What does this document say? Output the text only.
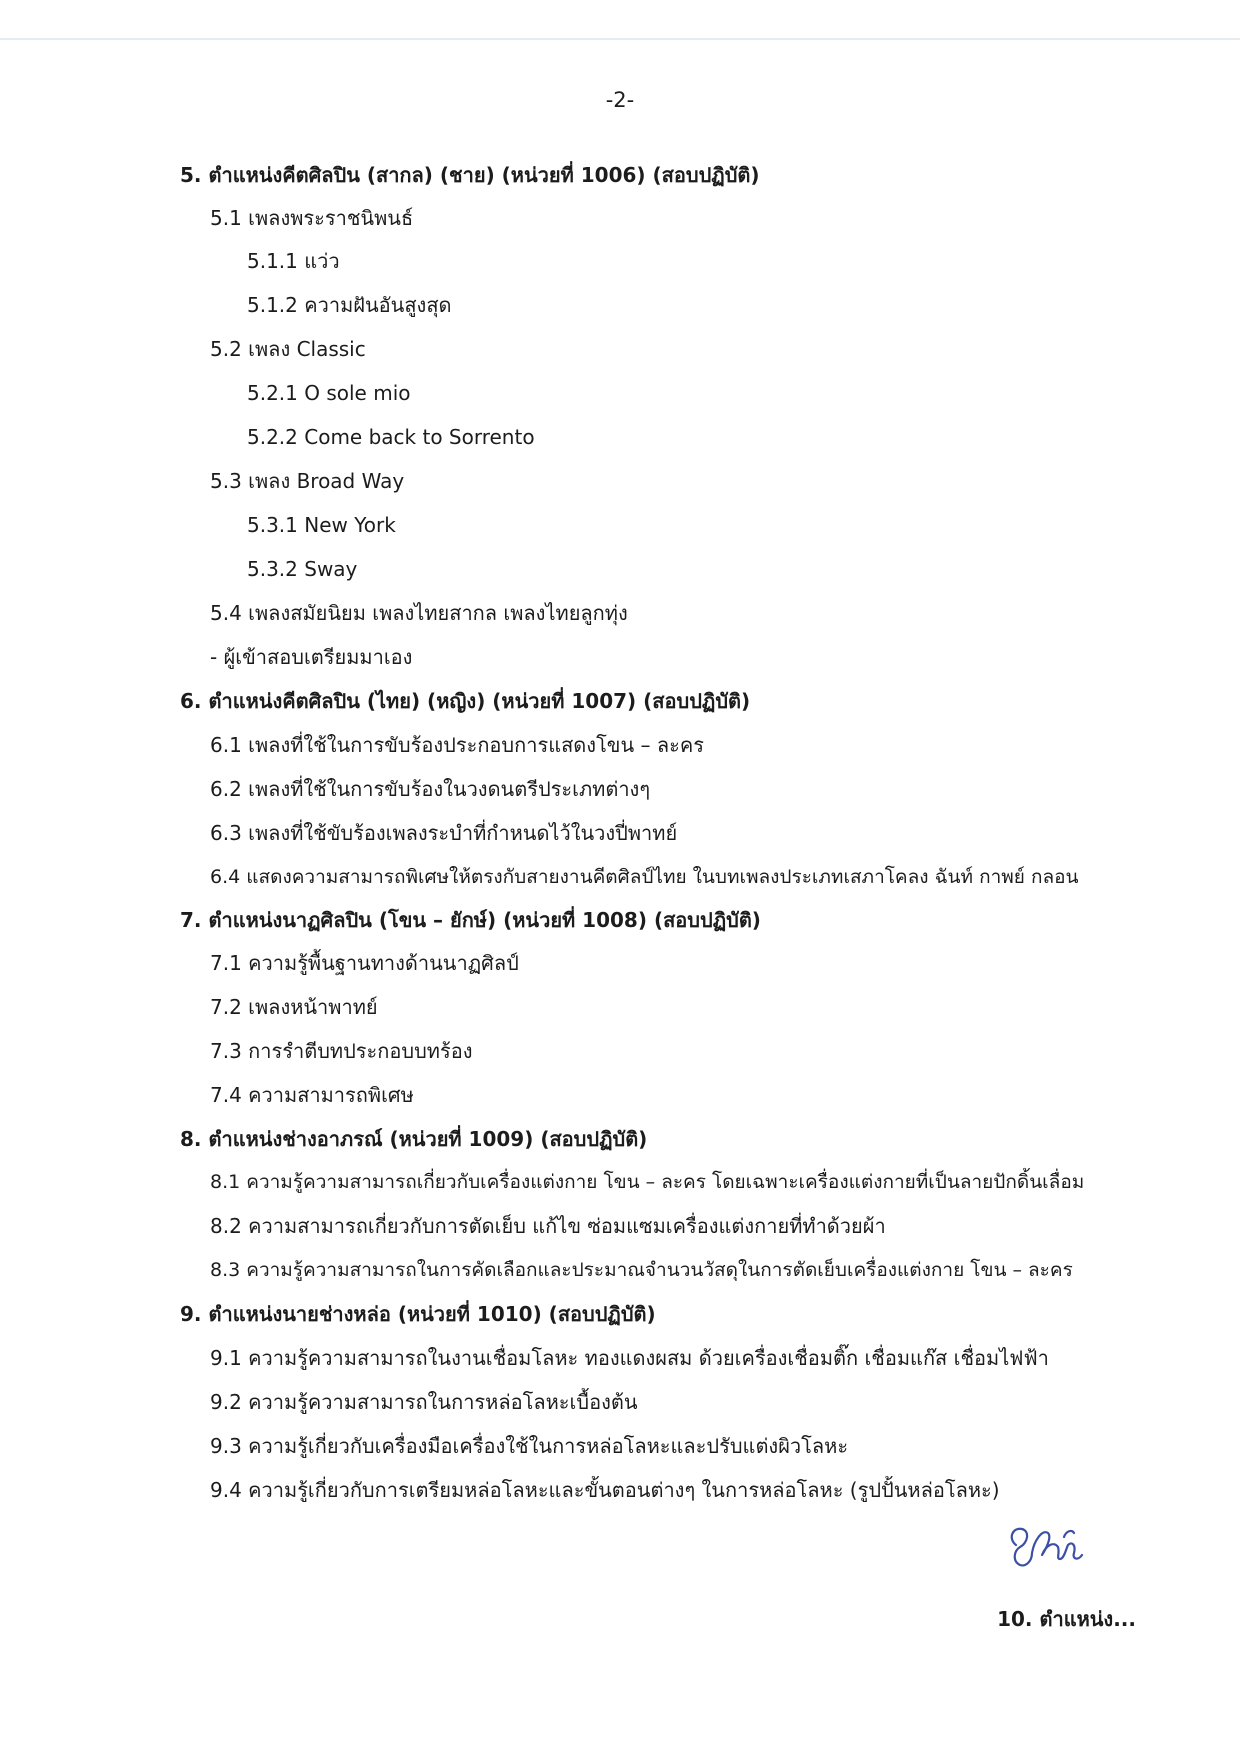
-2-
5. ตำแหน่งคีตศิลปิน (สากล) (ชาย) (หน่วยที่ 1006) (สอบปฏิบัติ)
5.1 เพลงพระราชนิพนธ์
5.1.1 แว่ว
5.1.2 ความฝันอันสูงสุด
5.2 เพลง Classic
5.2.1 O sole mio
5.2.2 Come back to Sorrento
5.3 เพลง Broad Way
5.3.1 New York
5.3.2 Sway
5.4 เพลงสมัยนิยม เพลงไทยสากล เพลงไทยลูกทุ่ง
- ผู้เข้าสอบเตรียมมาเอง
6. ตำแหน่งคีตศิลปิน (ไทย) (หญิง) (หน่วยที่ 1007) (สอบปฏิบัติ)
6.1 เพลงที่ใช้ในการขับร้องประกอบการแสดงโขน – ละคร
6.2 เพลงที่ใช้ในการขับร้องในวงดนตรีประเภทต่างๆ
6.3 เพลงที่ใช้ขับร้องเพลงระบำที่กำหนดไว้ในวงปี่พาทย์
6.4 แสดงความสามารถพิเศษให้ตรงกับสายงานคีตศิลป์ไทย ในบทเพลงประเภทเสภาโคลง ฉันท์ กาพย์ กลอน
7. ตำแหน่งนาฏศิลปิน (โขน – ยักษ์) (หน่วยที่ 1008) (สอบปฏิบัติ)
7.1 ความรู้พื้นฐานทางด้านนาฏศิลป์
7.2 เพลงหน้าพาทย์
7.3 การรำตีบทประกอบบทร้อง
7.4 ความสามารถพิเศษ
8. ตำแหน่งช่างอาภรณ์ (หน่วยที่ 1009) (สอบปฏิบัติ)
8.1 ความรู้ความสามารถเกี่ยวกับเครื่องแต่งกาย โขน – ละคร โดยเฉพาะเครื่องแต่งกายที่เป็นลายปักดิ้นเลื่อม
8.2 ความสามารถเกี่ยวกับการตัดเย็บ แก้ไข ซ่อมแซมเครื่องแต่งกายที่ทำด้วยผ้า
8.3 ความรู้ความสามารถในการคัดเลือกและประมาณจำนวนวัสดุในการตัดเย็บเครื่องแต่งกาย โขน – ละคร
9. ตำแหน่งนายช่างหล่อ (หน่วยที่ 1010) (สอบปฏิบัติ)
9.1 ความรู้ความสามารถในงานเชื่อมโลหะ ทองแดงผสม ด้วยเครื่องเชื่อมติ๊ก เชื่อมแก๊ส เชื่อมไฟฟ้า
9.2 ความรู้ความสามารถในการหล่อโลหะเบื้องต้น
9.3 ความรู้เกี่ยวกับเครื่องมือเครื่องใช้ในการหล่อโลหะและปรับแต่งผิวโลหะ
9.4 ความรู้เกี่ยวกับการเตรียมหล่อโลหะและขั้นตอนต่างๆ ในการหล่อโลหะ (รูปปั้นหล่อโลหะ)
10. ตำแหน่ง...
